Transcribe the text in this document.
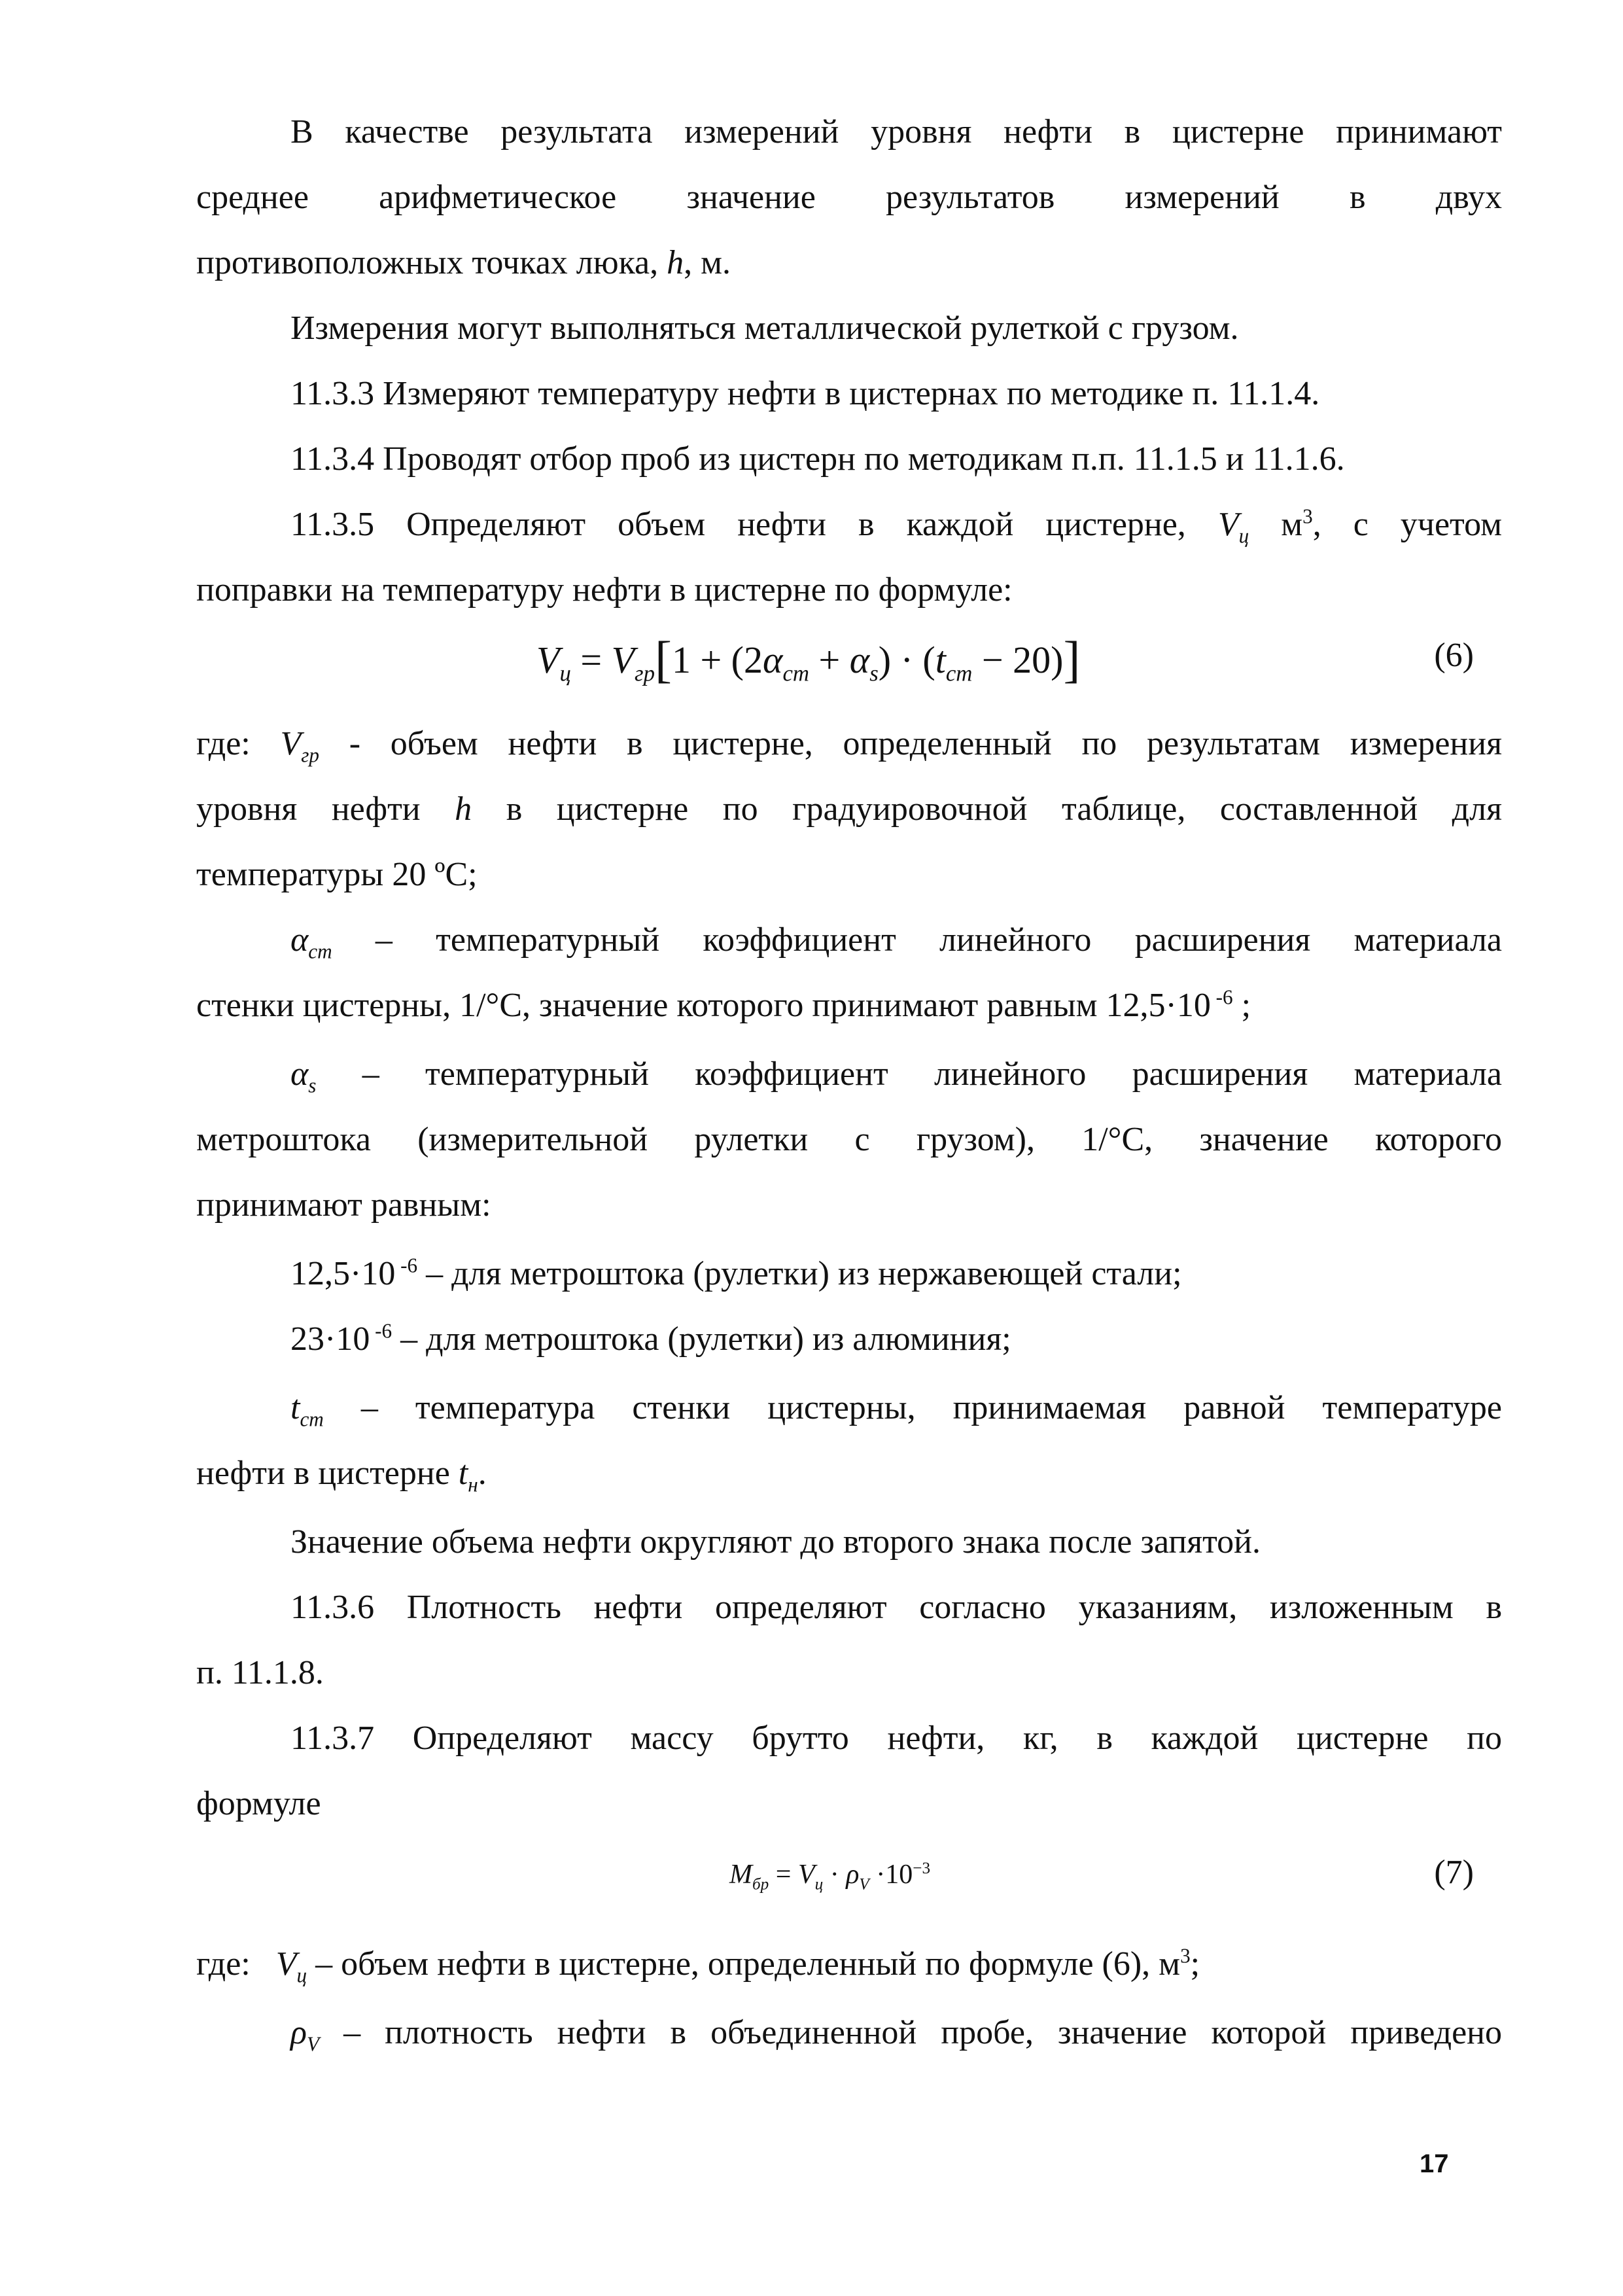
В качестве результата измерений уровня нефти в цистерне принимают
среднее арифметическое значение результатов измерений в двух
противоположных точках люка, h, м.
Измерения могут выполняться металлической рулеткой с грузом.
11.3.3 Измеряют температуру нефти в цистернах по методике п. 11.1.4.
11.3.4 Проводят отбор проб из цистерн по методикам п.п. 11.1.5 и 11.1.6.
11.3.5 Определяют объем нефти в каждой цистерне, $V_ц$ $м^3$, с учетом
поправки на температуру нефти в цистерне по формуле:
$V_ц = V_{гр}[1 + (2\alpha_{ст} + \alpha_s) \cdot (t_{ст} - 20)]$	(6)
где: $V_{гр}$ - объем нефти в цистерне, определенный по результатам измерения
уровня нефти h в цистерне по градуировочной таблице, составленной для
температуры 20 ºС;
$\alpha_{ст}$ – температурный коэффициент линейного расширения материала
стенки цистерны, 1/°С, значение которого принимают равным 12,5·10 $^{-6}$ ;
$\alpha_s$ – температурный коэффициент линейного расширения материала
метроштока (измерительной рулетки с грузом), 1/°С, значение которого
принимают равным:
12,5·10 $^{-6}$ – для метроштока (рулетки) из нержавеющей стали;
23·10 $^{-6}$ – для метроштока (рулетки) из алюминия;
$t_{ст}$ – температура стенки цистерны, принимаемая равной температуре
нефти в цистерне $t_н$.
Значение объема нефти округляют до второго знака после запятой.
11.3.6 Плотность нефти определяют согласно указаниям, изложенным в
п. 11.1.8.
11.3.7 Определяют массу брутто нефти, кг, в каждой цистерне по
формуле
$M_{бр} = V_ц \cdot \rho_V \cdot 10^{-3}$	(7)
где: $V_ц$ – объем нефти в цистерне, определенный по формуле (6), $м^3$;
$\rho_V$ – плотность нефти в объединенной пробе, значение которой приведено
17
